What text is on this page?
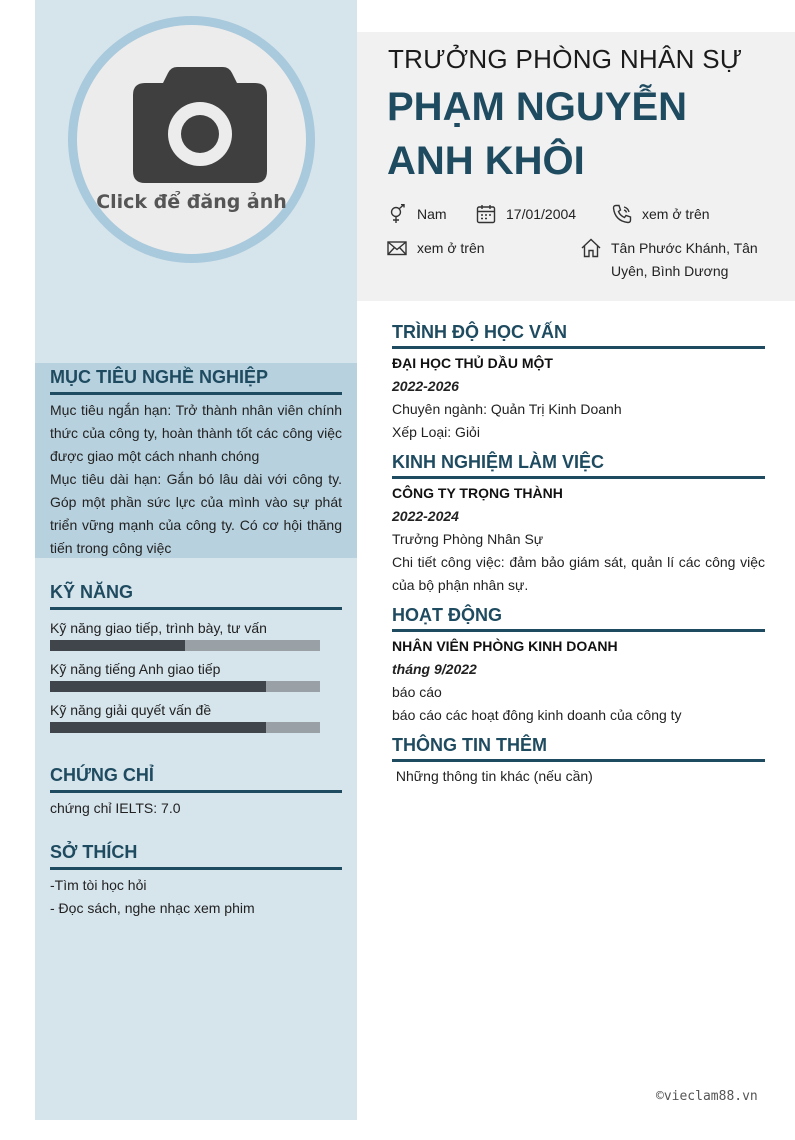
Click để đăng ảnh
MỤC TIÊU NGHỀ NGHIỆP
Mục tiêu ngắn hạn: Trở thành nhân viên chính thức của công ty, hoàn thành tốt các công việc được giao một cách nhanh chóng
Mục tiêu dài hạn: Gắn bó lâu dài với công ty. Góp một phần sức lực của mình vào sự phát triển vững mạnh của công ty. Có cơ hội thăng tiến trong công việc
KỸ NĂNG
Kỹ năng giao tiếp, trình bày, tư vấn
Kỹ năng tiếng Anh giao tiếp
Kỹ năng giải quyết vấn đề
CHỨNG CHỈ
chứng chỉ IELTS: 7.0
SỞ THÍCH
-Tìm tòi học hỏi
- Đọc sách, nghe nhạc xem phim
TRƯỞNG PHÒNG NHÂN SỰ
PHẠM NGUYỄN ANH KHÔI
Nam	17/01/2004	xem ở trên
xem ở trên	Tân Phước Khánh, Tân Uyên, Bình Dương
TRÌNH ĐỘ HỌC VẤN
ĐẠI HỌC THỦ DẦU MỘT
2022-2026
Chuyên ngành: Quản Trị Kinh Doanh
Xếp Loại: Giỏi
KINH NGHIỆM LÀM VIỆC
CÔNG TY TRỌNG THÀNH
2022-2024
Trưởng Phòng Nhân Sự
Chi tiết công việc: đảm bảo giám sát, quản lí các công việc của bộ phận nhân sự.
HOẠT ĐỘNG
NHÂN VIÊN PHÒNG KINH DOANH
tháng 9/2022
báo cáo
báo cáo các hoạt đông kinh doanh của công ty
THÔNG TIN THÊM
Những thông tin khác (nếu cần)
©vieclam88.vn
